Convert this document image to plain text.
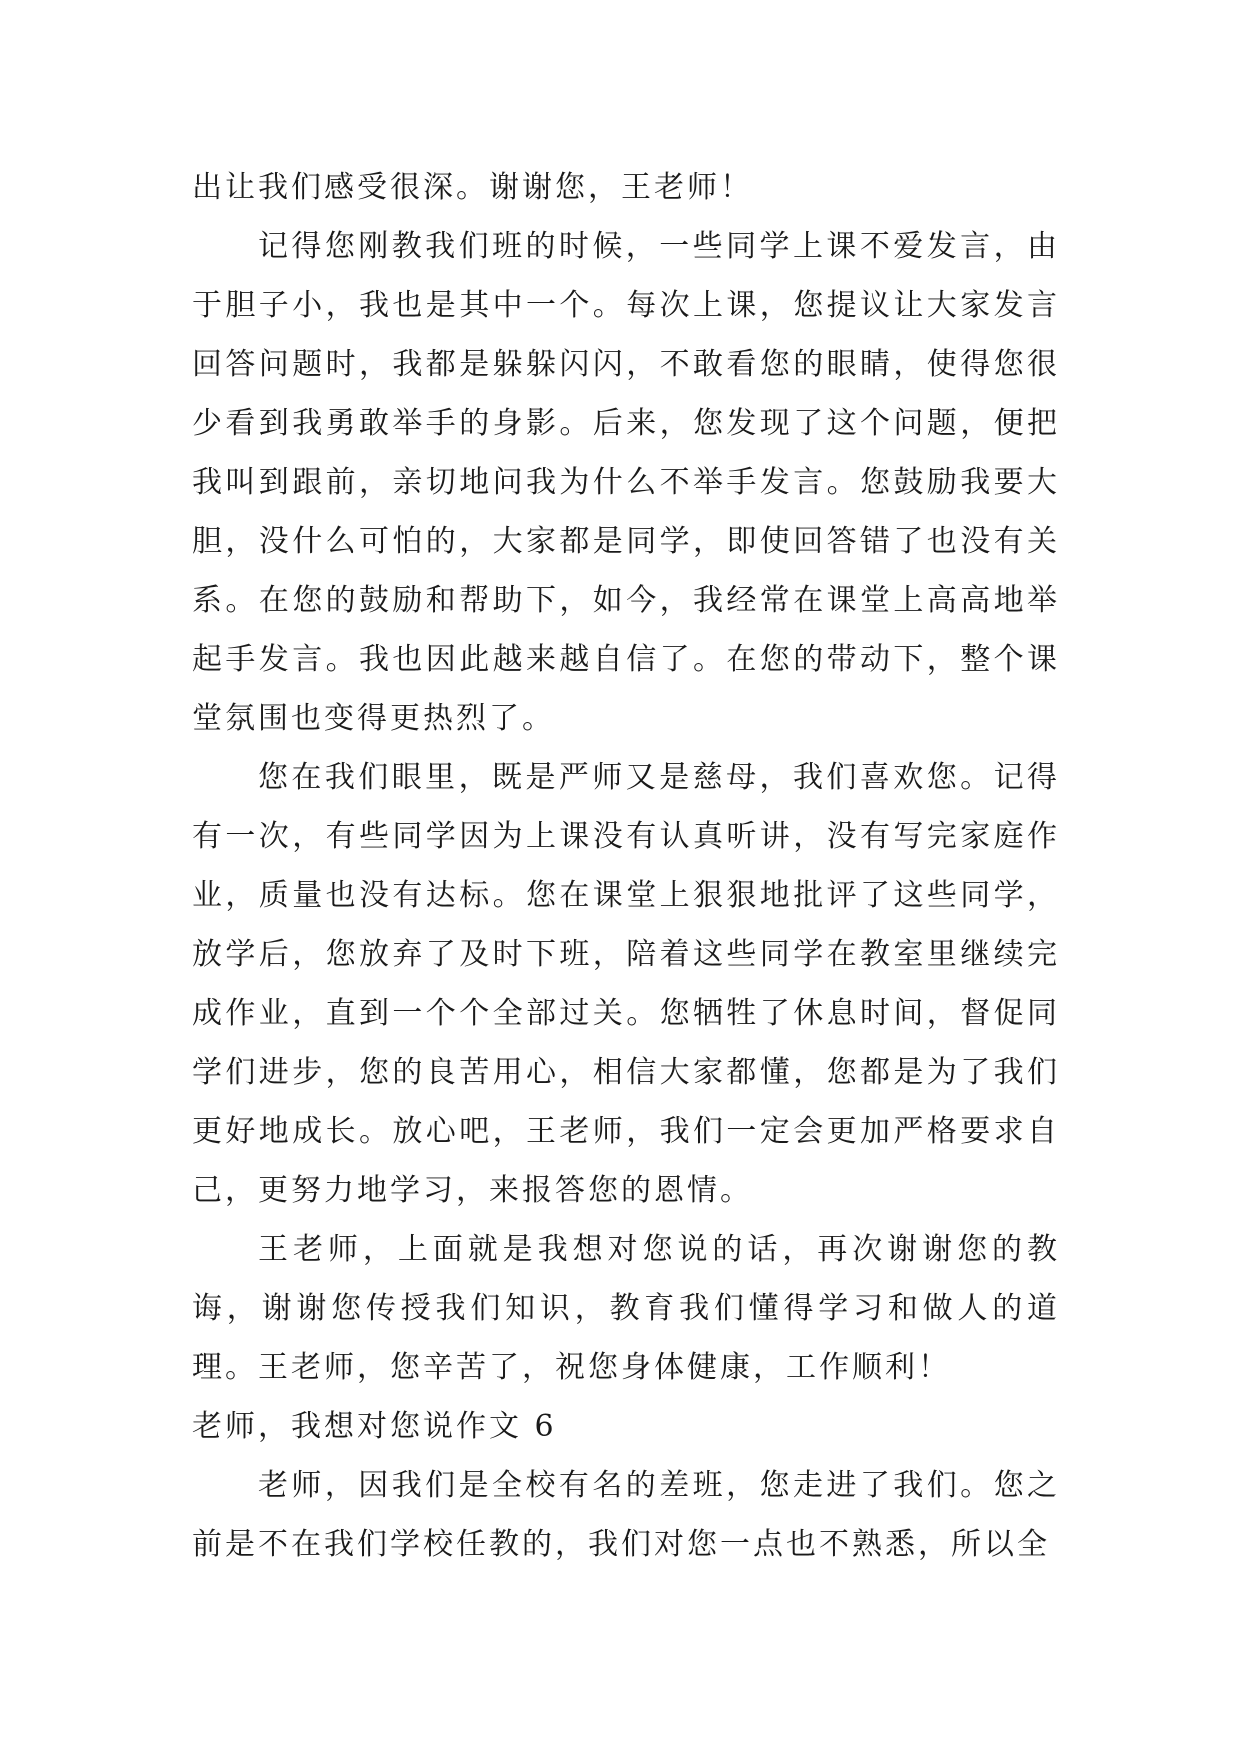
出让我们感受很深。谢谢您，王老师！

记得您刚教我们班的时候，一些同学上课不爱发言，由于胆子小，我也是其中一个。每次上课，您提议让大家发言回答问题时，我都是躲躲闪闪，不敢看您的眼睛，使得您很少看到我勇敢举手的身影。后来，您发现了这个问题，便把我叫到跟前，亲切地问我为什么不举手发言。您鼓励我要大胆，没什么可怕的，大家都是同学，即使回答错了也没有关系。在您的鼓励和帮助下，如今，我经常在课堂上高高地举起手发言。我也因此越来越自信了。在您的带动下，整个课堂氛围也变得更热烈了。

您在我们眼里，既是严师又是慈母，我们喜欢您。记得有一次，有些同学因为上课没有认真听讲，没有写完家庭作业，质量也没有达标。您在课堂上狠狠地批评了这些同学，放学后，您放弃了及时下班，陪着这些同学在教室里继续完成作业，直到一个个全部过关。您牺牲了休息时间，督促同学们进步，您的良苦用心，相信大家都懂，您都是为了我们更好地成长。放心吧，王老师，我们一定会更加严格要求自己，更努力地学习，来报答您的恩情。

王老师，上面就是我想对您说的话，再次谢谢您的教诲，谢谢您传授我们知识，教育我们懂得学习和做人的道理。王老师，您辛苦了，祝您身体健康，工作顺利！

老师，我想对您说作文 6

老师，因我们是全校有名的差班，您走进了我们。您之前是不在我们学校任教的，我们对您一点也不熟悉，所以全
